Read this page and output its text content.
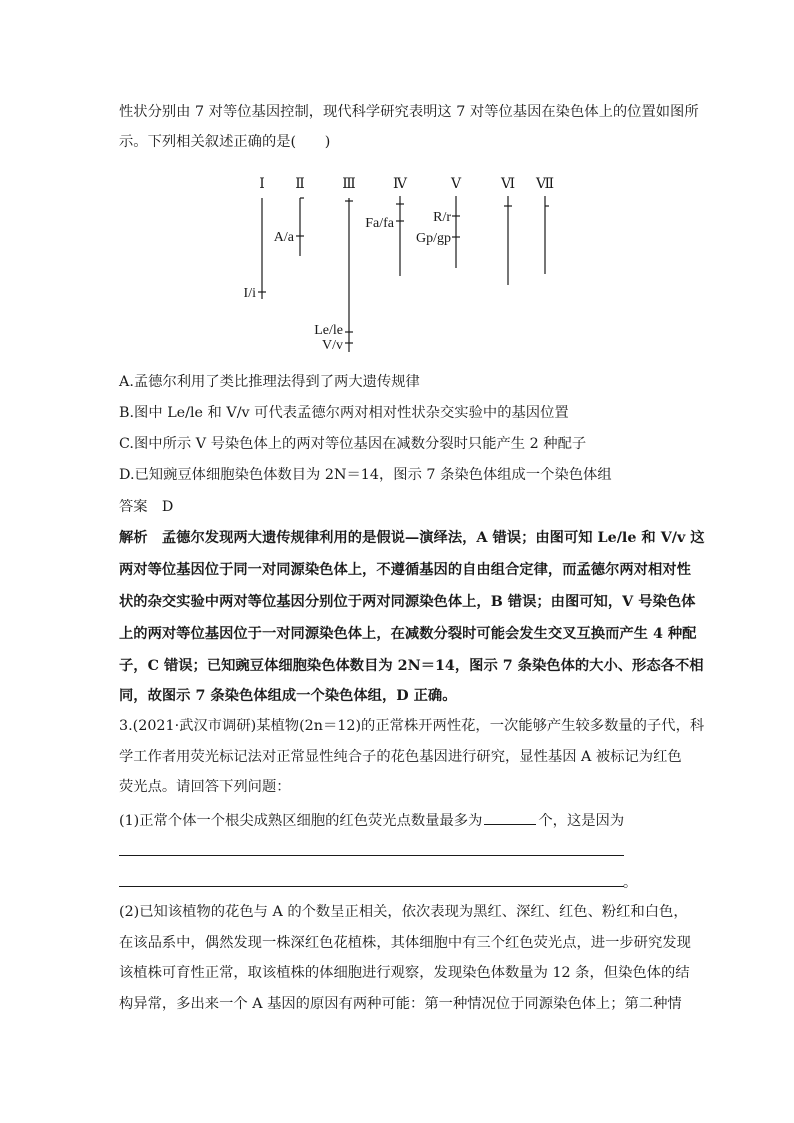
性状分别由 7 对等位基因控制，现代科学研究表明这 7 对等位基因在染色体上的位置如图所
示。下列相关叙述正确的是(　　)
Ⅰ Ⅱ	Ⅲ	Ⅳ	Ⅴ	Ⅵ Ⅶ
A/a
I/i
Fa/fa	R/r
Gp/gp
Le/le
V/v
A.孟德尔利用了类比推理法得到了两大遗传规律
B.图中 Le/le 和 V/v 可代表孟德尔两对相对性状杂交实验中的基因位置
C.图中所示 V 号染色体上的两对等位基因在减数分裂时只能产生 2 种配子
D.已知豌豆体细胞染色体数目为 2N＝14，图示 7 条染色体组成一个染色体组
答案　D
解析　孟德尔发现两大遗传规律利用的是假说—演绎法，A 错误；由图可知 Le/le 和 V/v 这
两对等位基因位于同一对同源染色体上，不遵循基因的自由组合定律，而孟德尔两对相对性
状的杂交实验中两对等位基因分别位于两对同源染色体上，B 错误；由图可知，V 号染色体
上的两对等位基因位于一对同源染色体上，在减数分裂时可能会发生交叉互换而产生 4 种配
子，C 错误；已知豌豆体细胞染色体数目为 2N＝14，图示 7 条染色体的大小、形态各不相
同，故图示 7 条染色体组成一个染色体组，D 正确。
3.(2021·武汉市调研)某植物(2n＝12)的正常株开两性花，一次能够产生较多数量的子代，科
学工作者用荧光标记法对正常显性纯合子的花色基因进行研究，显性基因 A 被标记为红色
荧光点。请回答下列问题：
(1)正常个体一个根尖成熟区细胞的红色荧光点数量最多为	个，这是因为
。
(2)已知该植物的花色与 A 的个数呈正相关，依次表现为黑红、深红、红色、粉红和白色，
在该品系中，偶然发现一株深红色花植株，其体细胞中有三个红色荧光点，进一步研究发现
该植株可育性正常，取该植株的体细胞进行观察，发现染色体数量为 12 条，但染色体的结
构异常，多出来一个 A 基因的原因有两种可能：第一种情况位于同源染色体上；第二种情
